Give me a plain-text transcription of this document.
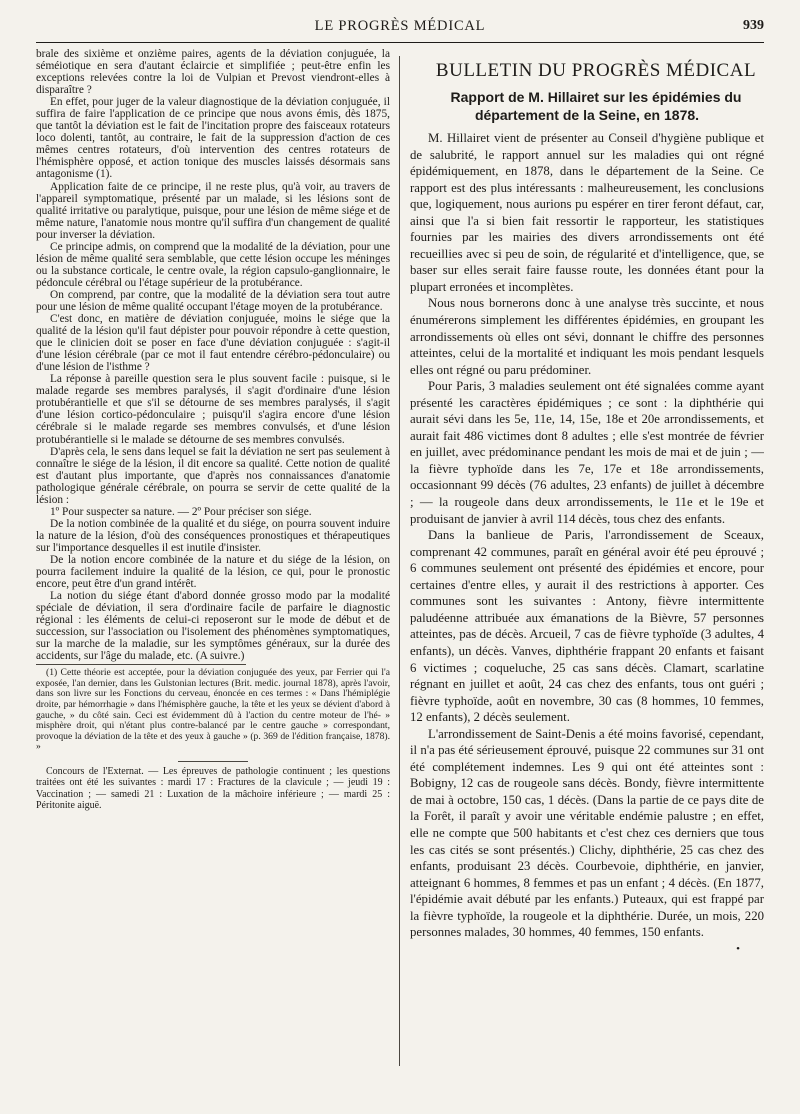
LE PROGRÈS MÉDICAL	939

brale des sixième et onzième paires, agents de la déviation conjuguée, la séméiotique en sera d'autant éclaircie et simplifiée ; peut-être enfin les exceptions relevées contre la loi de Vulpian et Prevost viendront-elles à disparaître ?

En effet, pour juger de la valeur diagnostique de la déviation conjuguée, il suffira de faire l'application de ce principe que nous avons émis, dès 1875, que tantôt la déviation est le fait de l'incitation propre des faisceaux rotateurs loco dolenti, tantôt, au contraire, le fait de la suppression d'action de ces mêmes centres rotateurs, d'où intervention des centres rotateurs de l'hémisphère opposé, et action tonique des muscles laissés désormais sans antagonisme (1).

Application faite de ce principe, il ne reste plus, qu'à voir, au travers de l'appareil symptomatique, présenté par un malade, si les lésions sont de qualité irritative ou paralytique, puisque, pour une lésion de même siége et de même nature, l'anatomie nous montre qu'il suffira d'un changement de qualité pour inverser la déviation.

Ce principe admis, on comprend que la modalité de la déviation, pour une lésion de même qualité sera semblable, que cette lésion occupe les méninges ou la substance corticale, le centre ovale, la région capsulo-ganglionnaire, le pédoncule cérébral ou l'étage supérieur de la protubérance.

On comprend, par contre, que la modalité de la déviation sera tout autre pour une lésion de même qualité occupant l'étage moyen de la protubérance.

C'est donc, en matière de déviation conjuguée, moins le siége que la qualité de la lésion qu'il faut dépister pour pouvoir répondre à cette question, que le clinicien doit se poser en face d'une déviation conjuguée : s'agit-il d'une lésion cérébrale (par ce mot il faut entendre cérébro-pédonculaire) ou d'une lésion de l'isthme ?

La réponse à pareille question sera le plus souvent facile : puisque, si le malade regarde ses membres paralysés, il s'agit d'ordinaire d'une lésion protubérantielle et que s'il se détourne de ses membres paralysés, il s'agit d'une lésion cortico-pédonculaire ; puisqu'il s'agira encore d'une lésion cérébrale si le malade regarde ses membres convulsés, et d'une lésion protubérantielle si le malade se détourne de ses membres convulsés.

D'après cela, le sens dans lequel se fait la déviation ne sert pas seulement à connaître le siége de la lésion, il dit encore sa qualité. Cette notion de qualité est d'autant plus importante, que d'après nos connaissances d'anatomie pathologique générale cérébrale, on pourra se servir de cette qualité de la lésion :

1º Pour suspecter sa nature. — 2º Pour préciser son siége.

De la notion combinée de la qualité et du siége, on pourra souvent induire la nature de la lésion, d'où des conséquences pronostiques et thérapeutiques sur l'importance desquelles il est inutile d'insister.

De la notion encore combinée de la nature et du siége de la lésion, on pourra facilement induire la qualité de la lésion, ce qui, pour le pronostic encore, peut être d'un grand intérêt.

La notion du siége étant d'abord donnée grosso modo par la modalité spéciale de déviation, il sera d'ordinaire facile de parfaire le diagnostic régional : les éléments de celui-ci reposeront sur le mode de début et de succession, sur l'association ou l'isolement des phénomènes symptomatiques, sur la marche de la maladie, sur les symptômes généraux, sur la durée des accidents, sur l'âge du malade, etc. (A suivre.)

(1) Cette théorie est acceptée, pour la déviation conjuguée des yeux, par Ferrier qui l'a exposée, l'an dernier, dans les Gulstonian lectures (Brit. medic. journal 1878), après l'avoir, dans son livre sur les Fonctions du cerveau, énoncée en ces termes : « Dans l'hémiplégie droite, par hémorrhagie » dans l'hémisphère gauche, la tête et les yeux se dévient d'abord à gauche, » du côté sain. Ceci est évidemment dû à l'action du centre moteur de l'hé- » misphère droit, qui n'étant plus contre-balancé par le centre gauche » correspondant, provoque la déviation de la tête et des yeux à gauche » (p. 369 de l'édition française, 1878). »

Concours de l'Externat. — Les épreuves de pathologie continuent ; les questions traitées ont été les suivantes : mardi 17 : Fractures de la clavicule ; — jeudi 19 : Vaccination ; — samedi 21 : Luxation de la mâchoire inférieure ; — mardi 25 : Péritonite aiguë.

BULLETIN DU PROGRÈS MÉDICAL

Rapport de M. Hillairet sur les épidémies du département de la Seine, en 1878.

M. Hillairet vient de présenter au Conseil d'hygiène publique et de salubrité, le rapport annuel sur les maladies qui ont régné épidémiquement, en 1878, dans le département de la Seine. Ce rapport est des plus intéressants : malheureusement, les conclusions que, logiquement, nous aurions pu espérer en tirer feront défaut, car, ainsi que l'a si bien fait ressortir le rapporteur, les statistiques fournies par les mairies des divers arrondissements ont été recueillies avec si peu de soin, de régularité et d'intelligence, que, se baser sur elles serait faire fausse route, les données étant pour la plupart erronées et incomplètes.

Nous nous bornerons donc à une analyse très succinte, et nous énumérerons simplement les différentes épidémies, en groupant les arrondissements où elles ont sévi, donnant le chiffre des personnes atteintes, celui de la mortalité et indiquant les mois pendant lesquels elles ont régné ou paru prédominer.

Pour Paris, 3 maladies seulement ont été signalées comme ayant présenté les caractères épidémiques ; ce sont : la diphthérie qui aurait sévi dans les 5e, 11e, 14, 15e, 18e et 20e arrondissements, et aurait fait 486 victimes dont 8 adultes ; elle s'est montrée de février en juillet, avec prédominance pendant les mois de mai et de juin ; — la fièvre typhoïde dans les 7e, 17e et 18e arrondissements, occasionnant 99 décès (76 adultes, 23 enfants) de juillet à décembre ; — la rougeole dans deux arrondissements, le 11e et le 19e et produisant de janvier à avril 114 décès, tous chez des enfants.

Dans la banlieue de Paris, l'arrondissement de Sceaux, comprenant 42 communes, paraît en général avoir été peu éprouvé ; 6 communes seulement ont présenté des épidémies et encore, pour certaines d'entre elles, y aurait il des restrictions à apporter. Ces communes sont les suivantes : Antony, fièvre intermittente paludéenne attribuée aux émanations de la Bièvre, 57 personnes atteintes, pas de décès. Arcueil, 7 cas de fièvre typhoïde (3 adultes, 4 enfants), un décès. Vanves, diphthérie frappant 20 enfants et faisant 6 victimes ; coqueluche, 25 cas sans décès. Clamart, scarlatine régnant en juillet et août, 24 cas chez des enfants, tous ont guéri ; fièvre typhoïde, août en novembre, 30 cas (8 hommes, 10 femmes, 12 enfants), 2 décès seulement.

L'arrondissement de Saint-Denis a été moins favorisé, cependant, il n'a pas été sérieusement éprouvé, puisque 22 communes sur 31 ont été complétement indemnes. Les 9 qui ont été atteintes sont : Bobigny, 12 cas de rougeole sans décès. Bondy, fièvre intermittente de mai à octobre, 150 cas, 1 décès. (Dans la partie de ce pays dite de la Forêt, il paraît y avoir une véritable endémie palustre ; en effet, elle ne compte que 500 habitants et c'est chez ces derniers que tous les cas cités se sont présentés.) Clichy, diphthérie, 25 cas chez des enfants, produisant 23 décès. Courbevoie, diphthérie, en janvier, atteignant 6 hommes, 8 femmes et pas un enfant ; 4 décès. (En 1877, l'épidémie avait débuté par les enfants.) Puteaux, qui est frappé par la fièvre typhoïde, la rougeole et la diphthérie. Durée, un mois, 220 personnes malades, 30 hommes, 40 femmes, 150 enfants.

•
